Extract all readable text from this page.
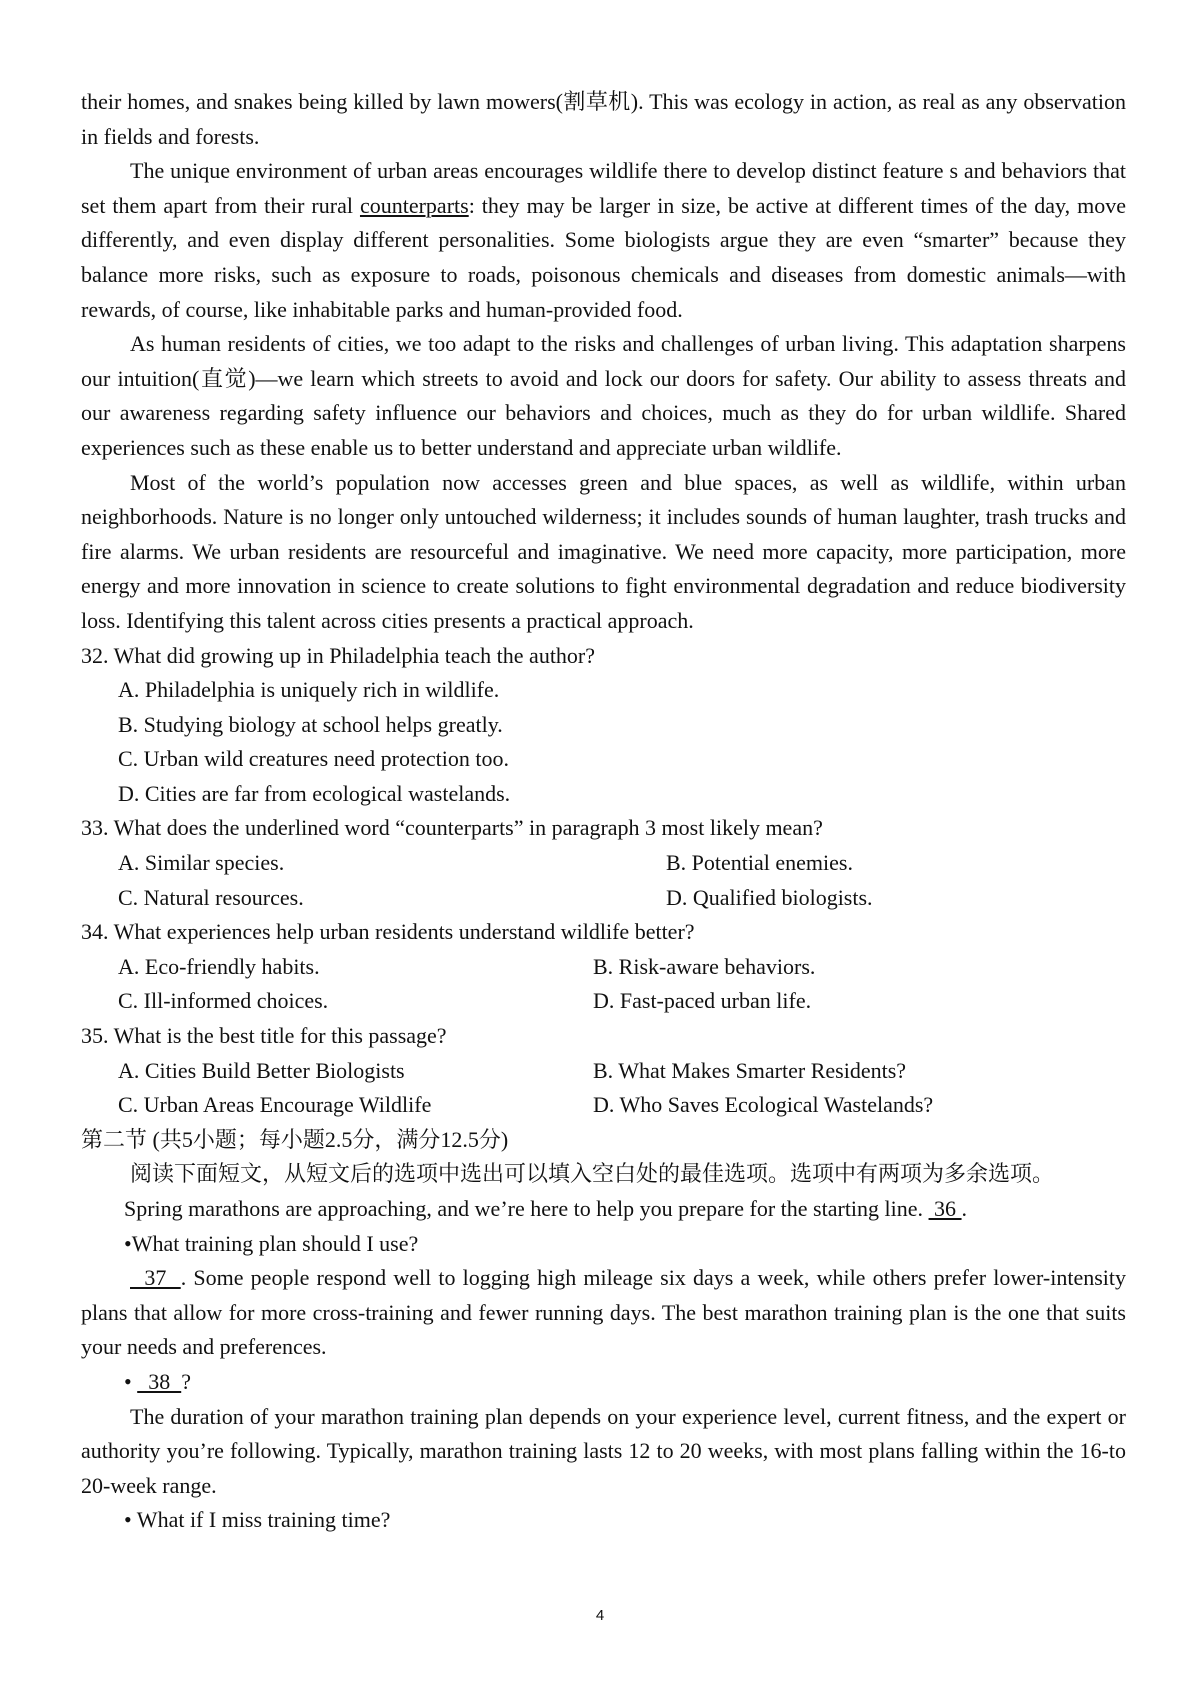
their homes, and snakes being killed by lawn mowers(割草机). This was ecology in action, as real as any observation in fields and forests.

The unique environment of urban areas encourages wildlife there to develop distinct feature s and behaviors that set them apart from their rural counterparts: they may be larger in size, be active at different times of the day, move differently, and even display different personalities. Some biologists argue they are even “smarter” because they balance more risks, such as exposure to roads, poisonous chemicals and diseases from domestic animals—with rewards, of course, like inhabitable parks and human-provided food.

As human residents of cities, we too adapt to the risks and challenges of urban living. This adaptation sharpens our intuition(直觉)—we learn which streets to avoid and lock our doors for safety. Our ability to assess threats and our awareness regarding safety influence our behaviors and choices, much as they do for urban wildlife. Shared experiences such as these enable us to better understand and appreciate urban wildlife.

Most of the world’s population now accesses green and blue spaces, as well as wildlife, within urban neighborhoods. Nature is no longer only untouched wilderness; it includes sounds of human laughter, trash trucks and fire alarms. We urban residents are resourceful and imaginative. We need more capacity, more participation, more energy and more innovation in science to create solutions to fight environmental degradation and reduce biodiversity loss. Identifying this talent across cities presents a practical approach.

32. What did growing up in Philadelphia teach the author?

A. Philadelphia is uniquely rich in wildlife.
B. Studying biology at school helps greatly.
C. Urban wild creatures need protection too.
D. Cities are far from ecological wastelands.

33. What does the underlined word “counterparts” in paragraph 3 most likely mean?

A. Similar species.	B. Potential enemies.
C. Natural resources.	D. Qualified biologists.

34. What experiences help urban residents understand wildlife better?

A. Eco-friendly habits.	B. Risk-aware behaviors.
C. Ill-informed choices.	D. Fast-paced urban life.

35. What is the best title for this passage?

A. Cities Build Better Biologists	B. What Makes Smarter Residents?
C. Urban Areas Encourage Wildlife	D. Who Saves Ecological Wastelands?

第二节 (共5小题；每小题2.5分，满分12.5分)

阅读下面短文，从短文后的选项中选出可以填入空白处的最佳选项。选项中有两项为多余选项。

Spring marathons are approaching, and we’re here to help you prepare for the starting line.  36 .

•What training plan should I use?

37  . Some people respond well to logging high mileage six days a week, while others prefer lower-intensity plans that allow for more cross-training and fewer running days. The best marathon training plan is the one that suits your needs and preferences.

•   38  ?

The duration of your marathon training plan depends on your experience level, current fitness, and the expert or authority you’re following. Typically, marathon training lasts 12 to 20 weeks, with most plans falling within the 16-to 20-week range.

• What if I miss training time?

4
